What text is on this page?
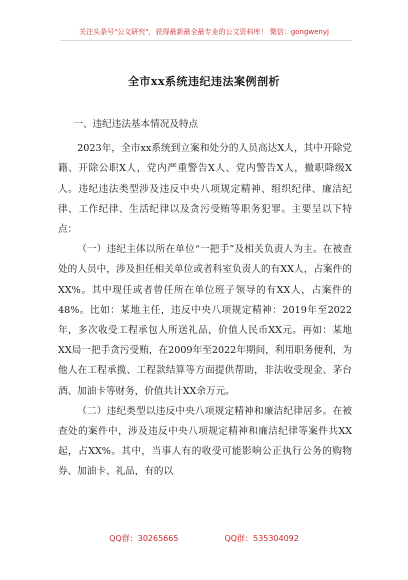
关注头条号"公文研究"，获得最新最全最专业的公文资料库！ 微信：gongwenyj
全市xx系统违纪违法案例剖析

一、违纪违法基本情况及特点

2023年，全市xx系统到立案和处分的人员高达X人，其中开除党籍、开除公职X人，党内严重警告X人、党内警告X人，撤职降级X人。违纪违法类型涉及违反中央八项规定精神、组织纪律、廉洁纪律、工作纪律、生活纪律以及贪污受贿等职务犯罪。主要呈以下特点：

（一）违纪主体以所在单位“一把手”及相关负责人为主。在被查处的人员中，涉及担任相关单位或者科室负责人的有XX人，占案件的XX%。其中现任或者曾任所在单位班子领导的有XX人，占案件的48%。比如：某地主任，违反中央八项规定精神：2019年至2022年，多次收受工程承包人所送礼品，价值人民币XX元。再如：某地XX局一把手贪污受贿，在2009年至2022年期间，利用职务便利，为他人在工程承揽、工程款结算等方面提供帮助，非法收受现金、茅台酒、加油卡等财务，价值共计XX余万元。

（二）违纪类型以违反中央八项规定精神和廉洁纪律居多。在被查处的案件中，涉及违反中央八项规定精神和廉洁纪律等案件共XX起，占XX%。其中，当事人有的收受可能影响公正执行公务的购物券、加油卡、礼品，有的以

QQ群：30265665	QQ群：535304092
